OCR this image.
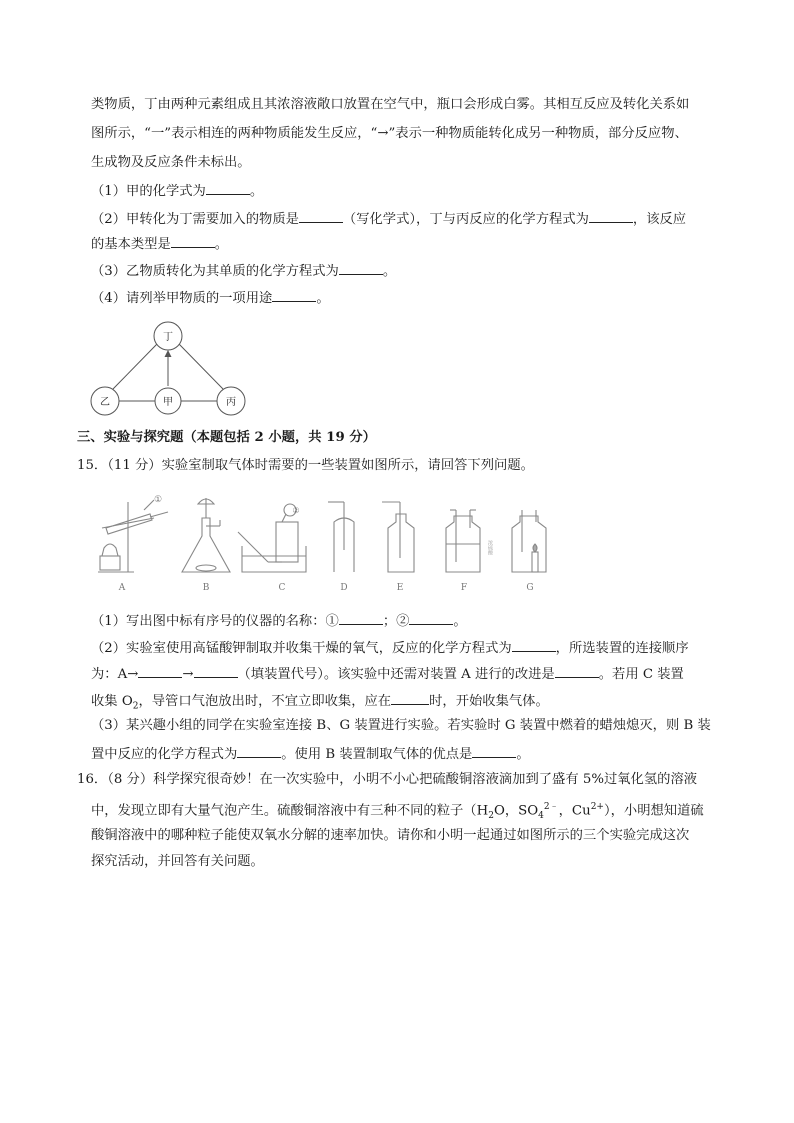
类物质，丁由两种元素组成且其浓溶液敞口放置在空气中，瓶口会形成白雾。其相互反应及转化关系如
图所示，“一”表示相连的两种物质能发生反应，“→”表示一种物质能转化成另一种物质，部分反应物、
生成物及反应条件未标出。
（1）甲的化学式为	。
（2）甲转化为丁需要加入的物质是	（写化学式），丁与丙反应的化学方程式为	，该反应
的基本类型是	。
（3）乙物质转化为其单质的化学方程式为	。
（4）请列举甲物质的一项用途	。
丁
乙	甲	丙
三、实验与探究题（本题包括 2 小题，共 19 分）
15．（11 分）实验室制取气体时需要的一些装置如图所示，请回答下列问题。
A	B	C	D	E	F	G
①
②
浓硫酸
（1）写出图中标有序号的仪器的名称：①	；②	。
（2）实验室使用高锰酸钾制取并收集干燥的氧气，反应的化学方程式为	，所选装置的连接顺序
为：A→	→	（填装置代号）。该实验中还需对装置 A 进行的改进是	。若用 C 装置
收集 $O_2$，导管口气泡放出时，不宜立即收集，应在	时，开始收集气体。
（3）某兴趣小组的同学在实验室连接 B、G 装置进行实验。若实验时 G 装置中燃着的蜡烛熄灭，则 B 装
置中反应的化学方程式为	。使用 B 装置制取气体的优点是	。
16．（8 分）科学探究很奇妙！在一次实验中，小明不小心把硫酸铜溶液滴加到了盛有 5%过氧化氢的溶液
中，发现立即有大量气泡产生。硫酸铜溶液中有三种不同的粒子（$H_2O$，$SO_4^{2﹣}$，$Cu^{2+}$），小明想知道硫
酸铜溶液中的哪种粒子能使双氧水分解的速率加快。请你和小明一起通过如图所示的三个实验完成这次
探究活动，并回答有关问题。
